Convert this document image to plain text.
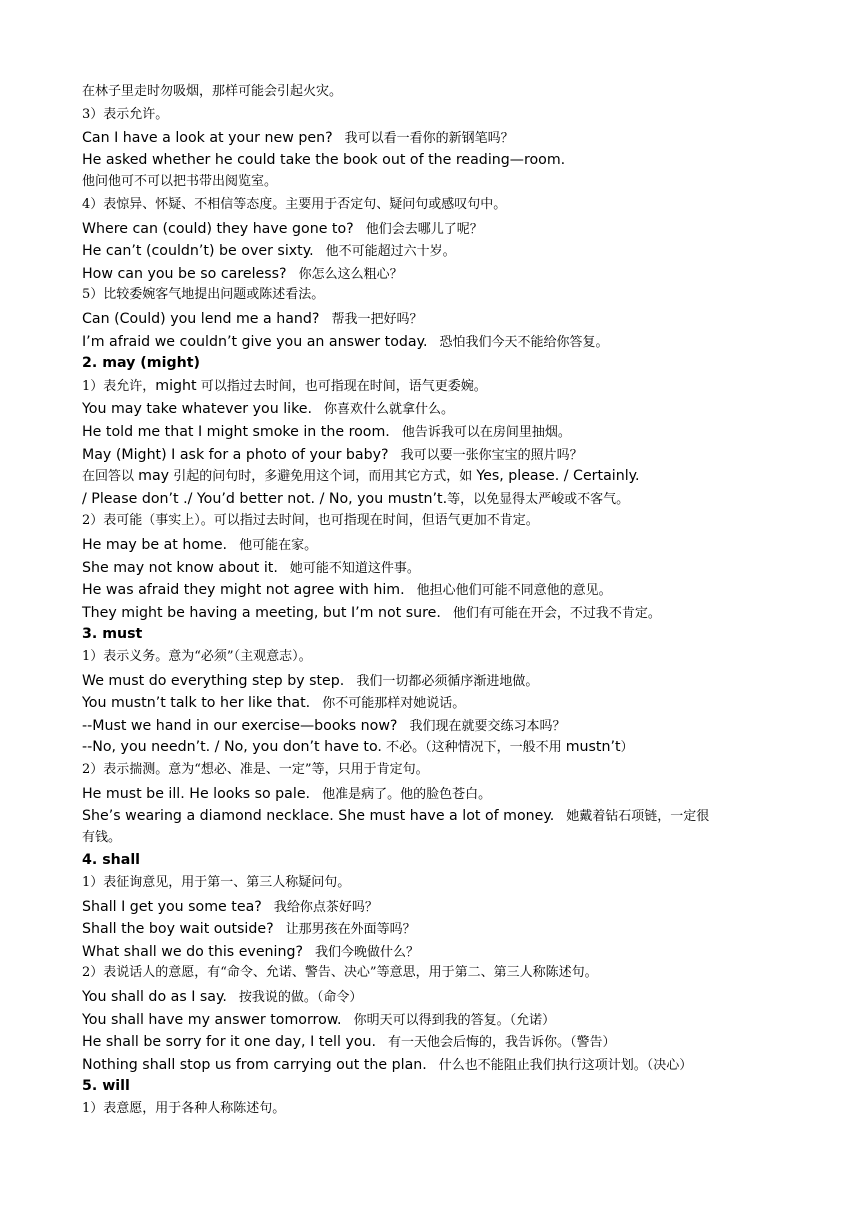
在林子里走时勿吸烟，那样可能会引起火灾。
3）表示允许。
Can I have a look at your new pen? 我可以看一看你的新钢笔吗？
He asked whether he could take the book out of the reading—room.
他问他可不可以把书带出阅览室。
4）表惊异、怀疑、不相信等态度。主要用于否定句、疑问句或感叹句中。
Where can (could) they have gone to? 他们会去哪儿了呢？
He can’t (couldn’t) be over sixty. 他不可能超过六十岁。
How can you be so careless? 你怎么这么粗心？
5）比较委婉客气地提出问题或陈述看法。
Can (Could) you lend me a hand? 帮我一把好吗？
I’m afraid we couldn’t give you an answer today. 恐怕我们今天不能给你答复。
2. may (might)
1）表允许，might 可以指过去时间，也可指现在时间，语气更委婉。
You may take whatever you like. 你喜欢什么就拿什么。
He told me that I might smoke in the room. 他告诉我可以在房间里抽烟。
May (Might) I ask for a photo of your baby? 我可以要一张你宝宝的照片吗？
在回答以 may 引起的问句时，多避免用这个词，而用其它方式，如 Yes, please. / Certainly.
/ Please don’t ./ You’d better not. / No, you mustn’t.等，以免显得太严峻或不客气。
2）表可能（事实上）。可以指过去时间，也可指现在时间，但语气更加不肯定。
He may be at home. 他可能在家。
She may not know about it. 她可能不知道这件事。
He was afraid they might not agree with him. 他担心他们可能不同意他的意见。
They might be having a meeting, but I’m not sure. 他们有可能在开会，不过我不肯定。
3. must
1）表示义务。意为“必须”（主观意志）。
We must do everything step by step. 我们一切都必须循序渐进地做。
You mustn’t talk to her like that. 你不可能那样对她说话。
--Must we hand in our exercise—books now? 我们现在就要交练习本吗？
--No, you needn’t. / No, you don’t have to. 不必。（这种情况下，一般不用 mustn’t）
2）表示揣测。意为“想必、准是、一定”等，只用于肯定句。
He must be ill. He looks so pale. 他准是病了。他的脸色苍白。
She’s wearing a diamond necklace. She must have a lot of money. 她戴着钻石项链，一定很
有钱。
4. shall
1）表征询意见，用于第一、第三人称疑问句。
Shall I get you some tea? 我给你点茶好吗？
Shall the boy wait outside? 让那男孩在外面等吗？
What shall we do this evening? 我们今晚做什么？
2）表说话人的意愿，有“命令、允诺、警告、决心”等意思，用于第二、第三人称陈述句。
You shall do as I say. 按我说的做。（命令）
You shall have my answer tomorrow. 你明天可以得到我的答复。（允诺）
He shall be sorry for it one day, I tell you. 有一天他会后悔的，我告诉你。（警告）
Nothing shall stop us from carrying out the plan. 什么也不能阻止我们执行这项计划。（决心）
5. will
1）表意愿，用于各种人称陈述句。
